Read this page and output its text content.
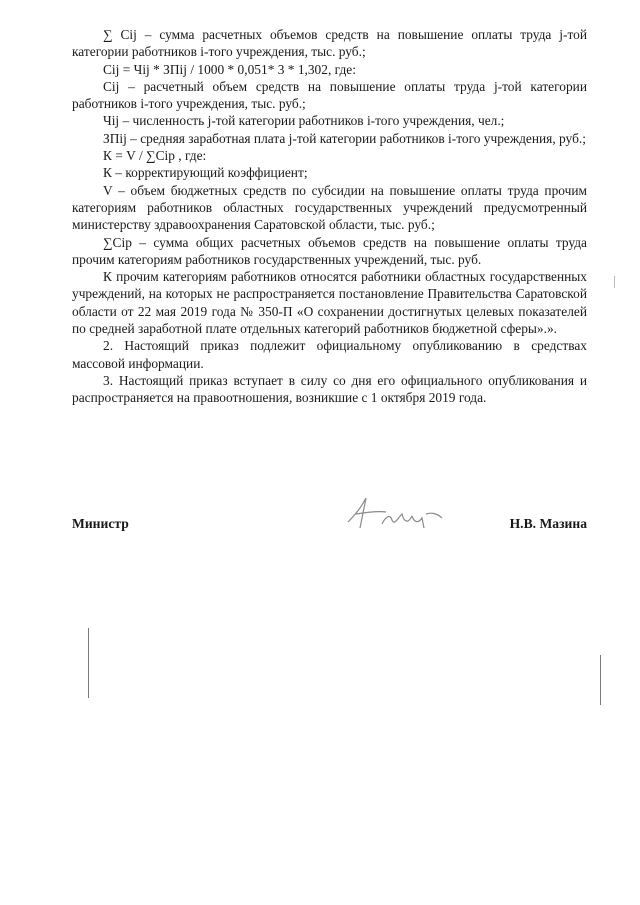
∑ Cij – сумма расчетных объемов средств на повышение оплаты труда j-той категории работников i-того учреждения, тыс. руб.;

Cij = Чij * ЗПij / 1000 * 0,051* 3 * 1,302, где:

Cij – расчетный объем средств на повышение оплаты труда j-той категории работников i-того учреждения, тыс. руб.;

Чij – численность j-той категории работников i-того учреждения, чел.;

ЗПij – средняя заработная плата j-той категории работников i-того учреждения, руб.;

К = V / ∑Cip , где:

К – корректирующий коэффициент;

V – объем бюджетных средств по субсидии на повышение оплаты труда прочим категориям работников областных государственных учреждений предусмотренный министерству здравоохранения Саратовской области, тыс. руб.;

∑Cip – сумма общих расчетных объемов средств на повышение оплаты труда прочим категориям работников государственных учреждений, тыс. руб.

К прочим категориям работников относятся работники областных государственных учреждений, на которых не распространяется постановление Правительства Саратовской области от 22 мая 2019 года № 350-П «О сохранении достигнутых целевых показателей по средней заработной плате отдельных категорий работников бюджетной сферы».».

2. Настоящий приказ подлежит официальному опубликованию в средствах массовой информации.

3. Настоящий приказ вступает в силу со дня его официального опубликования и распространяется на правоотношения, возникшие с 1 октября 2019 года.

Министр	Н.В. Мазина
